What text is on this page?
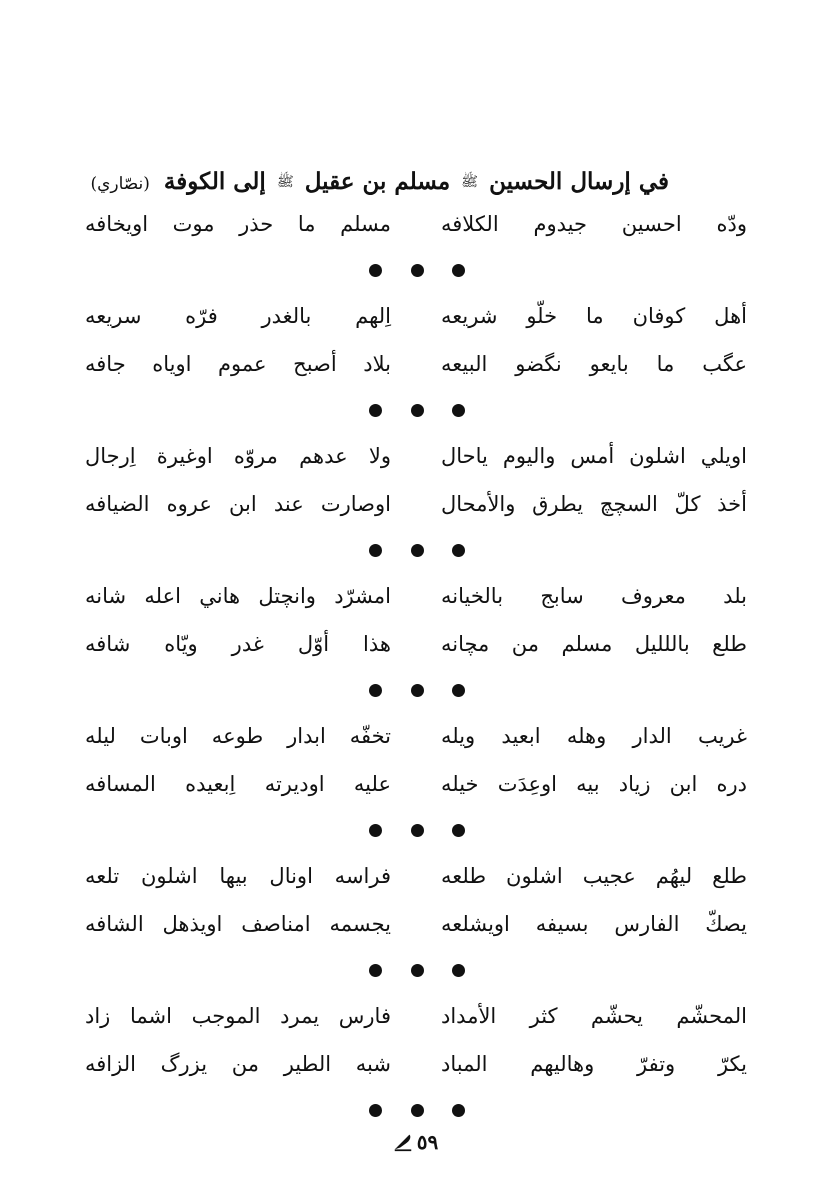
في إرسال الحسين ﷺ مسلم بن عقيل ﷺ إلى الكوفة (نصّاري)
ودّه احسين جيدوم الكلافه
مسلم ما حذر موت اويخافه
أهل كوفان ما خلّو شريعه
اِلهم بالغدر فرّه سريعه
عگب ما بايعو نگضو البيعه
بلاد أصبح عموم اوياه جافه
اويلي اشلون أمس واليوم ياحال
ولا عدهم مروّه اوغيرة اِرجال
أخذ كلّ السچچ يطرق والأمحال
اوصارت عند ابن عروه الضيافه
بلد معروف سابج بالخيانه
امشرّد وانچتل هاني اعله شانه
طلع باللليل مسلم من مچانه
هذا أوّل غدر ويّاه شافه
غريب الدار وهله ابعيد ويله
تخفّه ابدار طوعه اوبات ليله
دره ابن زياد بيه اوعِدَت خيله
عليه اوديرته اِبعيده المسافه
طلع ليهُم عجيب اشلون طلعه
فراسه اونال بيها اشلون تلعه
يصكّ الفارس بسيفه اويشلعه
يجسمه امناصف اويذهل الشافه
المحشّم يحشّم كثر الأمداد
فارس يمرد الموجب اشما زاد
يكرّ وتفرّ وهاليهم المباد
شبه الطير من يزرگ الزافه
٥٩
